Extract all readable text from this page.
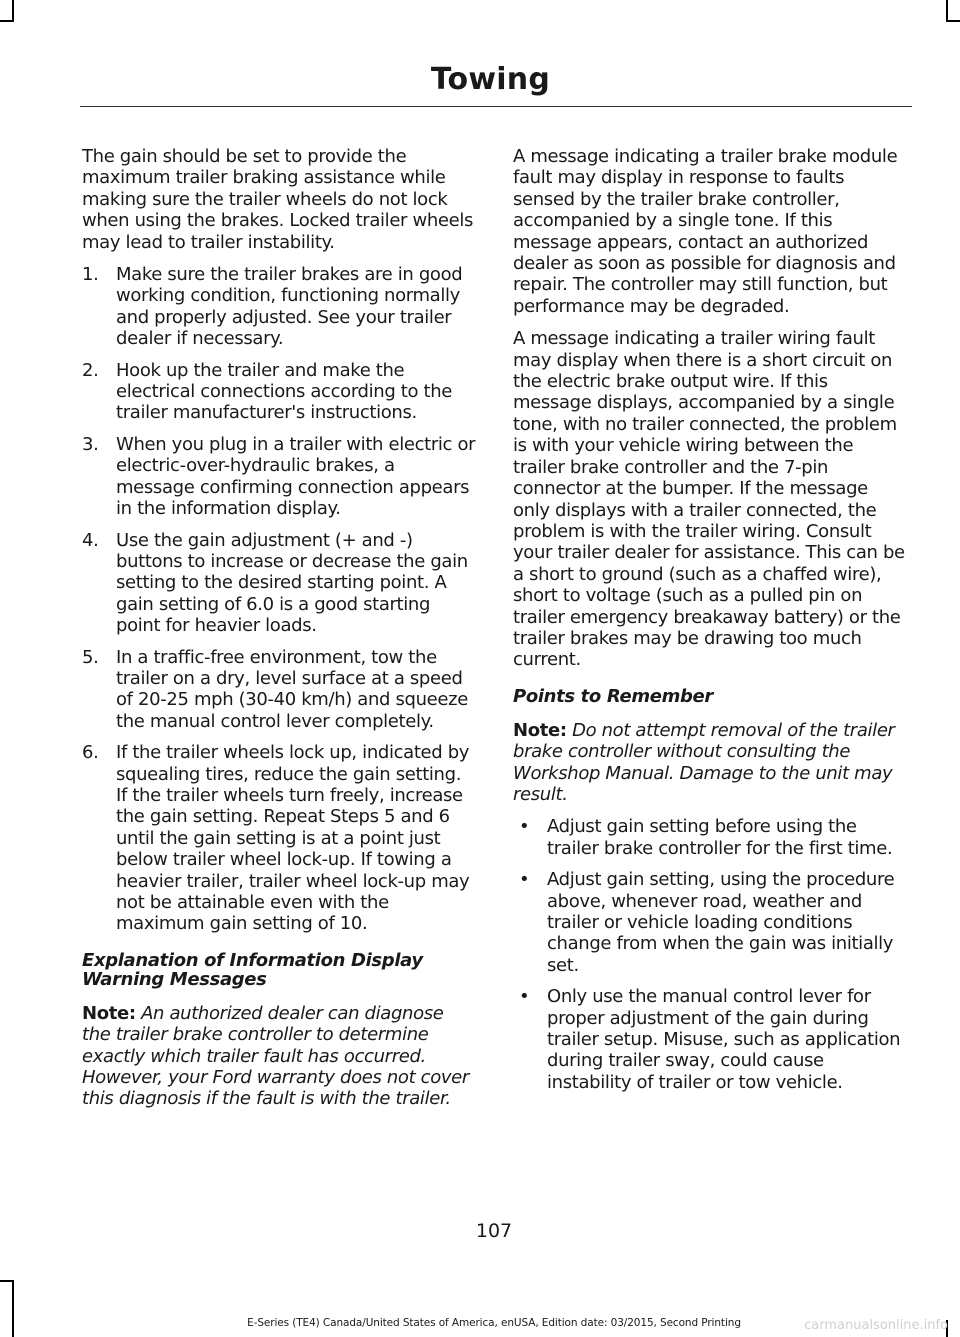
Towing

The gain should be set to provide the maximum trailer braking assistance while making sure the trailer wheels do not lock when using the brakes. Locked trailer wheels may lead to trailer instability.

1. Make sure the trailer brakes are in good working condition, functioning normally and properly adjusted. See your trailer dealer if necessary.
2. Hook up the trailer and make the electrical connections according to the trailer manufacturer's instructions.
3. When you plug in a trailer with electric or electric-over-hydraulic brakes, a message confirming connection appears in the information display.
4. Use the gain adjustment (+ and -) buttons to increase or decrease the gain setting to the desired starting point. A gain setting of 6.0 is a good starting point for heavier loads.
5. In a traffic-free environment, tow the trailer on a dry, level surface at a speed of 20-25 mph (30-40 km/h) and squeeze the manual control lever completely.
6. If the trailer wheels lock up, indicated by squealing tires, reduce the gain setting. If the trailer wheels turn freely, increase the gain setting. Repeat Steps 5 and 6 until the gain setting is at a point just below trailer wheel lock-up. If towing a heavier trailer, trailer wheel lock-up may not be attainable even with the maximum gain setting of 10.
Explanation of Information Display Warning Messages

Note: An authorized dealer can diagnose the trailer brake controller to determine exactly which trailer fault has occurred. However, your Ford warranty does not cover this diagnosis if the fault is with the trailer.

A message indicating a trailer brake module fault may display in response to faults sensed by the trailer brake controller, accompanied by a single tone. If this message appears, contact an authorized dealer as soon as possible for diagnosis and repair. The controller may still function, but performance may be degraded.

A message indicating a trailer wiring fault may display when there is a short circuit on the electric brake output wire. If this message displays, accompanied by a single tone, with no trailer connected, the problem is with your vehicle wiring between the trailer brake controller and the 7-pin connector at the bumper. If the message only displays with a trailer connected, the problem is with the trailer wiring. Consult your trailer dealer for assistance. This can be a short to ground (such as a chaffed wire), short to voltage (such as a pulled pin on trailer emergency breakaway battery) or the trailer brakes may be drawing too much current.

Points to Remember

Note: Do not attempt removal of the trailer brake controller without consulting the Workshop Manual. Damage to the unit may result.

• Adjust gain setting before using the trailer brake controller for the first time.
• Adjust gain setting, using the procedure above, whenever road, weather and trailer or vehicle loading conditions change from when the gain was initially set.
• Only use the manual control lever for proper adjustment of the gain during trailer setup. Misuse, such as application during trailer sway, could cause instability of trailer or tow vehicle.
107
E-Series (TE4) Canada/United States of America, enUSA, Edition date: 03/2015, Second Printing	carmanualsonline.info
